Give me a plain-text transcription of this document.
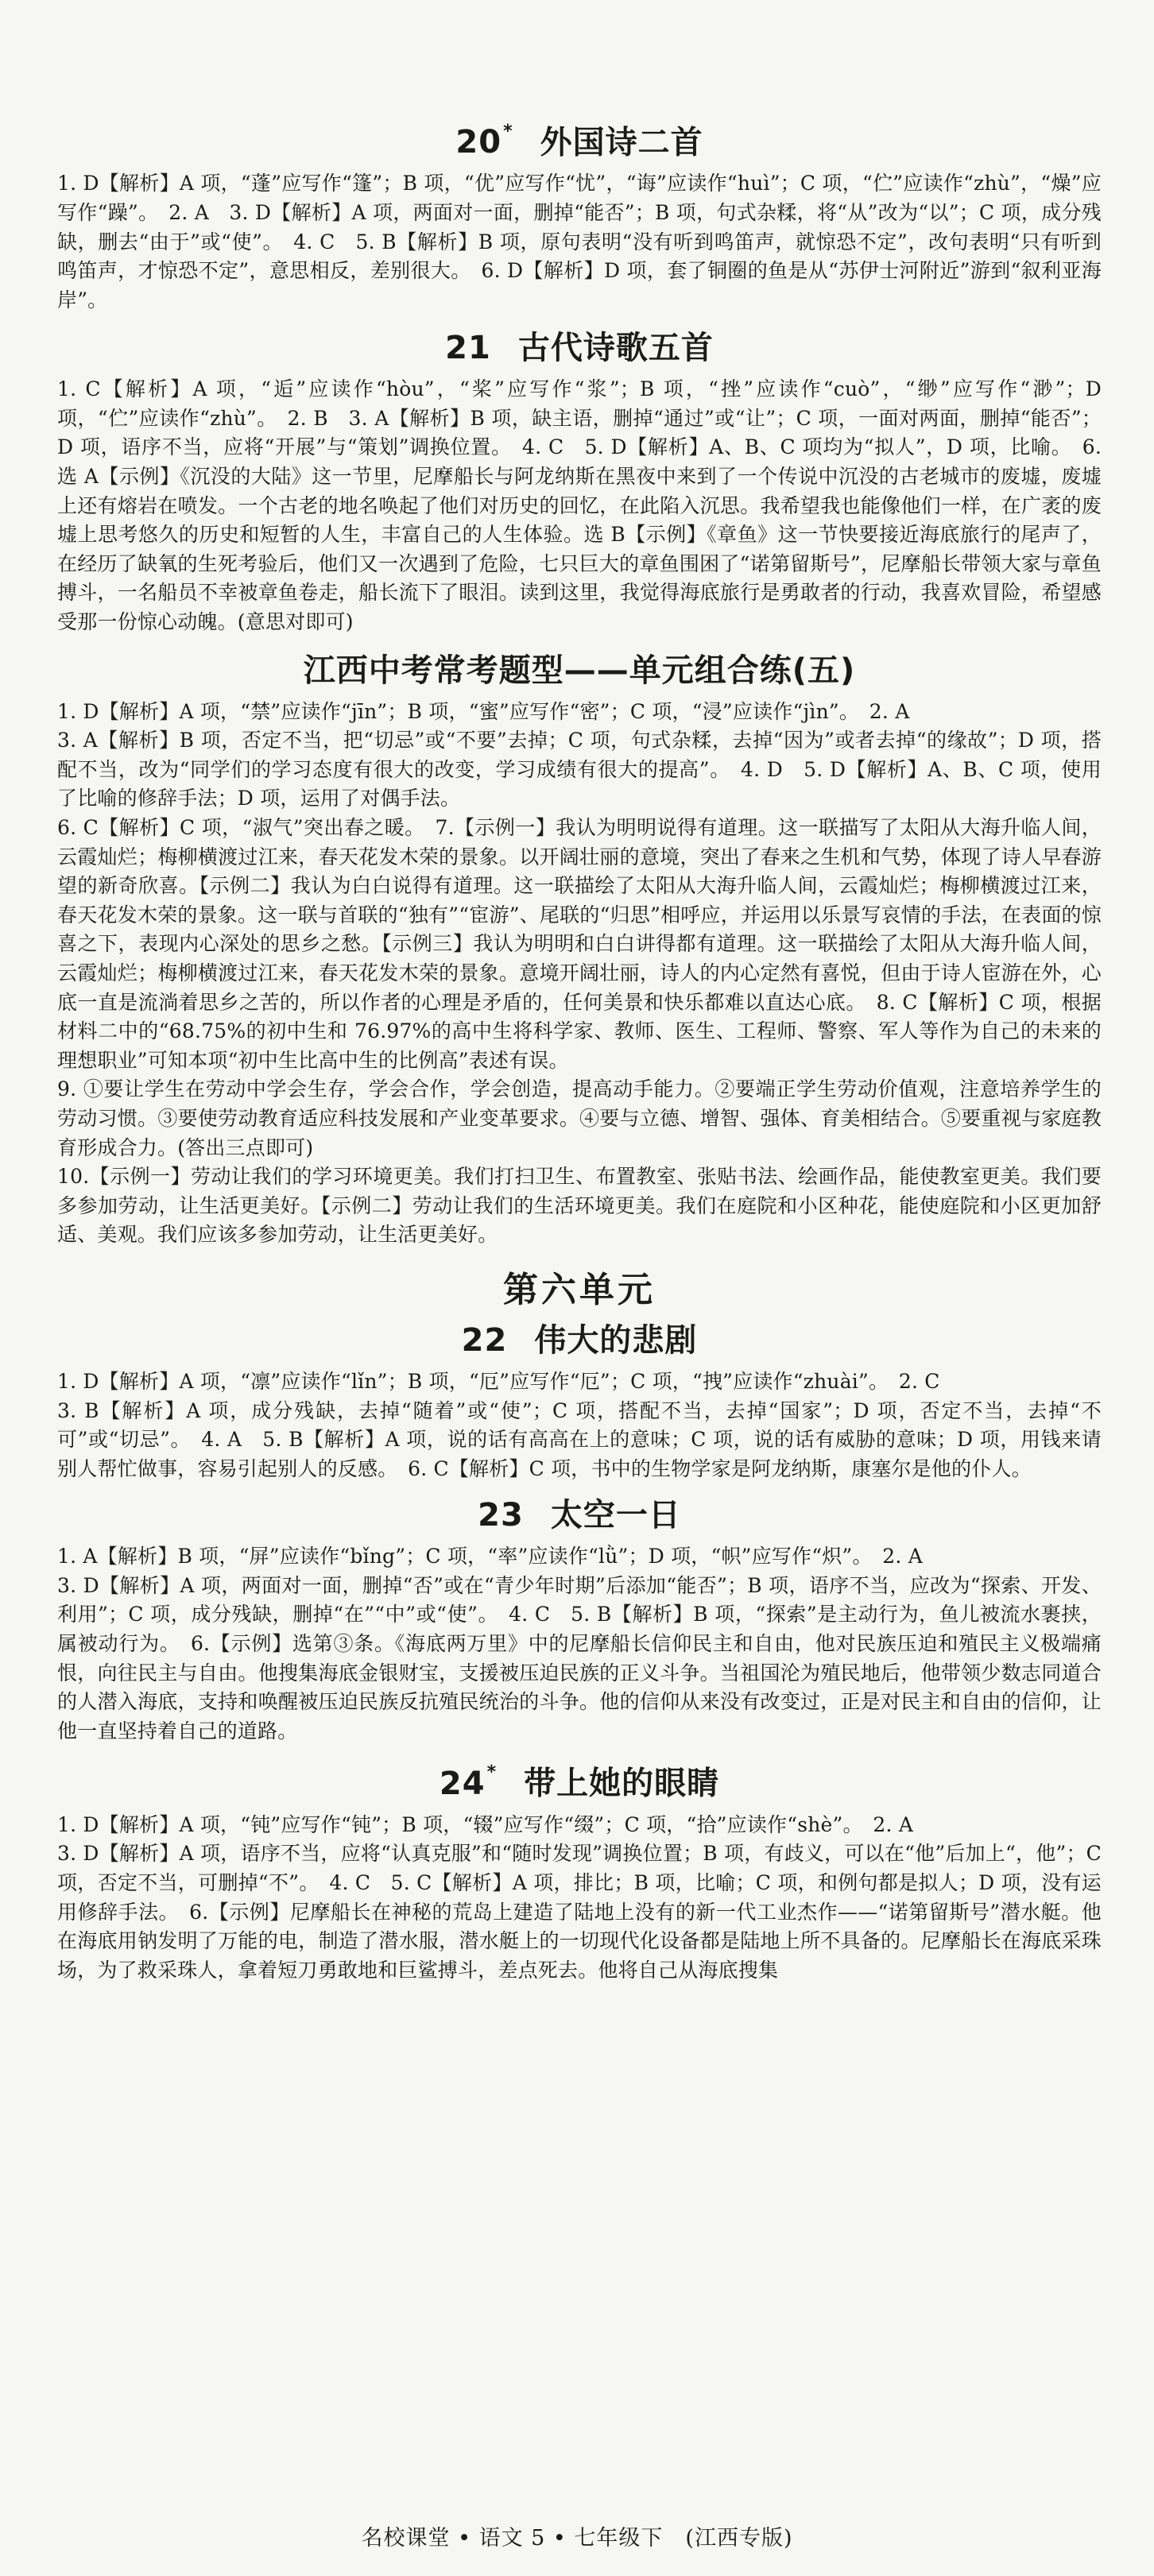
20* 外国诗二首

1. D【解析】A 项，“蓬”应写作“篷”；B 项，“优”应写作“忧”，“诲”应读作“huì”；C 项，“伫”应读作“zhù”，“燥”应写作“躁”。　2. A　3. D【解析】A 项，两面对一面，删掉“能否”；B 项，句式杂糅，将“从”改为“以”；C 项，成分残缺，删去“由于”或“使”。　4. C　5. B【解析】B 项，原句表明“没有听到鸣笛声，就惊恐不定”，改句表明“只有听到鸣笛声，才惊恐不定”，意思相反，差别很大。　6. D【解析】D 项，套了铜圈的鱼是从“苏伊士河附近”游到“叙利亚海岸”。

21 古代诗歌五首

1. C【解析】A 项，“逅”应读作“hòu”，“桨”应写作“浆”；B 项，“挫”应读作“cuò”，“缈”应写作“渺”；D 项，“伫”应读作“zhù”。　2. B　3. A【解析】B 项，缺主语，删掉“通过”或“让”；C 项，一面对两面，删掉“能否”；D 项，语序不当，应将“开展”与“策划”调换位置。　4. C　5. D【解析】A、B、C 项均为“拟人”，D 项，比喻。　6. 选 A【示例】《沉没的大陆》这一节里，尼摩船长与阿龙纳斯在黑夜中来到了一个传说中沉没的古老城市的废墟，废墟上还有熔岩在喷发。一个古老的地名唤起了他们对历史的回忆，在此陷入沉思。我希望我也能像他们一样，在广袤的废墟上思考悠久的历史和短暂的人生，丰富自己的人生体验。选 B【示例】《章鱼》这一节快要接近海底旅行的尾声了，在经历了缺氧的生死考验后，他们又一次遇到了危险，七只巨大的章鱼围困了“诺第留斯号”，尼摩船长带领大家与章鱼搏斗，一名船员不幸被章鱼卷走，船长流下了眼泪。读到这里，我觉得海底旅行是勇敢者的行动，我喜欢冒险，希望感受那一份惊心动魄。(意思对即可)

江西中考常考题型——单元组合练(五)

1. D【解析】A 项，“禁”应读作“jīn”；B 项，“蜜”应写作“密”；C 项，“浸”应读作“jìn”。　2. A

3. A【解析】B 项，否定不当，把“切忌”或“不要”去掉；C 项，句式杂糅，去掉“因为”或者去掉“的缘故”；D 项，搭配不当，改为“同学们的学习态度有很大的改变，学习成绩有很大的提高”。　4. D　5. D【解析】A、B、C 项，使用了比喻的修辞手法；D 项，运用了对偶手法。

6. C【解析】C 项，“淑气”突出春之暖。　7.【示例一】我认为明明说得有道理。这一联描写了太阳从大海升临人间，云霞灿烂；梅柳横渡过江来，春天花发木荣的景象。以开阔壮丽的意境，突出了春来之生机和气势，体现了诗人早春游望的新奇欣喜。【示例二】我认为白白说得有道理。这一联描绘了太阳从大海升临人间，云霞灿烂；梅柳横渡过江来，春天花发木荣的景象。这一联与首联的“独有”“宦游”、尾联的“归思”相呼应，并运用以乐景写哀情的手法，在表面的惊喜之下，表现内心深处的思乡之愁。【示例三】我认为明明和白白讲得都有道理。这一联描绘了太阳从大海升临人间，云霞灿烂；梅柳横渡过江来，春天花发木荣的景象。意境开阔壮丽，诗人的内心定然有喜悦，但由于诗人宦游在外，心底一直是流淌着思乡之苦的，所以作者的心理是矛盾的，任何美景和快乐都难以直达心底。　8. C【解析】C 项，根据材料二中的“68.75%的初中生和 76.97%的高中生将科学家、教师、医生、工程师、警察、军人等作为自己的未来的理想职业”可知本项“初中生比高中生的比例高”表述有误。

9. ①要让学生在劳动中学会生存，学会合作，学会创造，提高动手能力。②要端正学生劳动价值观，注意培养学生的劳动习惯。③要使劳动教育适应科技发展和产业变革要求。④要与立德、增智、强体、育美相结合。⑤要重视与家庭教育形成合力。(答出三点即可)

10.【示例一】劳动让我们的学习环境更美。我们打扫卫生、布置教室、张贴书法、绘画作品，能使教室更美。我们要多参加劳动，让生活更美好。【示例二】劳动让我们的生活环境更美。我们在庭院和小区种花，能使庭院和小区更加舒适、美观。我们应该多参加劳动，让生活更美好。

第六单元
22 伟大的悲剧

1. D【解析】A 项，“凛”应读作“lǐn”；B 项，“厄”应写作“厄”；C 项，“拽”应读作“zhuài”。　2. C

3. B【解析】A 项，成分残缺，去掉“随着”或“使”；C 项，搭配不当，去掉“国家”；D 项，否定不当，去掉“不可”或“切忌”。　4. A　5. B【解析】A 项，说的话有高高在上的意味；C 项，说的话有威胁的意味；D 项，用钱来请别人帮忙做事，容易引起别人的反感。　6. C【解析】C 项，书中的生物学家是阿龙纳斯，康塞尔是他的仆人。

23 太空一日

1. A【解析】B 项，“屏”应读作“bǐng”；C 项，“率”应读作“lǜ”；D 项，“帜”应写作“炽”。　2. A

3. D【解析】A 项，两面对一面，删掉“否”或在“青少年时期”后添加“能否”；B 项，语序不当，应改为“探索、开发、利用”；C 项，成分残缺，删掉“在”“中”或“使”。　4. C　5. B【解析】B 项，“探索”是主动行为，鱼儿被流水裹挟，属被动行为。　6.【示例】选第③条。《海底两万里》中的尼摩船长信仰民主和自由，他对民族压迫和殖民主义极端痛恨，向往民主与自由。他搜集海底金银财宝，支援被压迫民族的正义斗争。当祖国沦为殖民地后，他带领少数志同道合的人潜入海底，支持和唤醒被压迫民族反抗殖民统治的斗争。他的信仰从来没有改变过，正是对民主和自由的信仰，让他一直坚持着自己的道路。

24* 带上她的眼睛

1. D【解析】A 项，“钝”应写作“钝”；B 项，“辍”应写作“缀”；C 项，“拾”应读作“shè”。　2. A

3. D【解析】A 项，语序不当，应将“认真克服”和“随时发现”调换位置；B 项，有歧义，可以在“他”后加上“，他”；C 项，否定不当，可删掉“不”。　4. C　5. C【解析】A 项，排比；B 项，比喻；C 项，和例句都是拟人；D 项，没有运用修辞手法。　6.【示例】尼摩船长在神秘的荒岛上建造了陆地上没有的新一代工业杰作——“诺第留斯号”潜水艇。他在海底用钠发明了万能的电，制造了潜水服，潜水艇上的一切现代化设备都是陆地上所不具备的。尼摩船长在海底采珠场，为了救采珠人，拿着短刀勇敢地和巨鲨搏斗，差点死去。他将自己从海底搜集

名校课堂 • 语文 5 • 七年级下　(江西专版)
